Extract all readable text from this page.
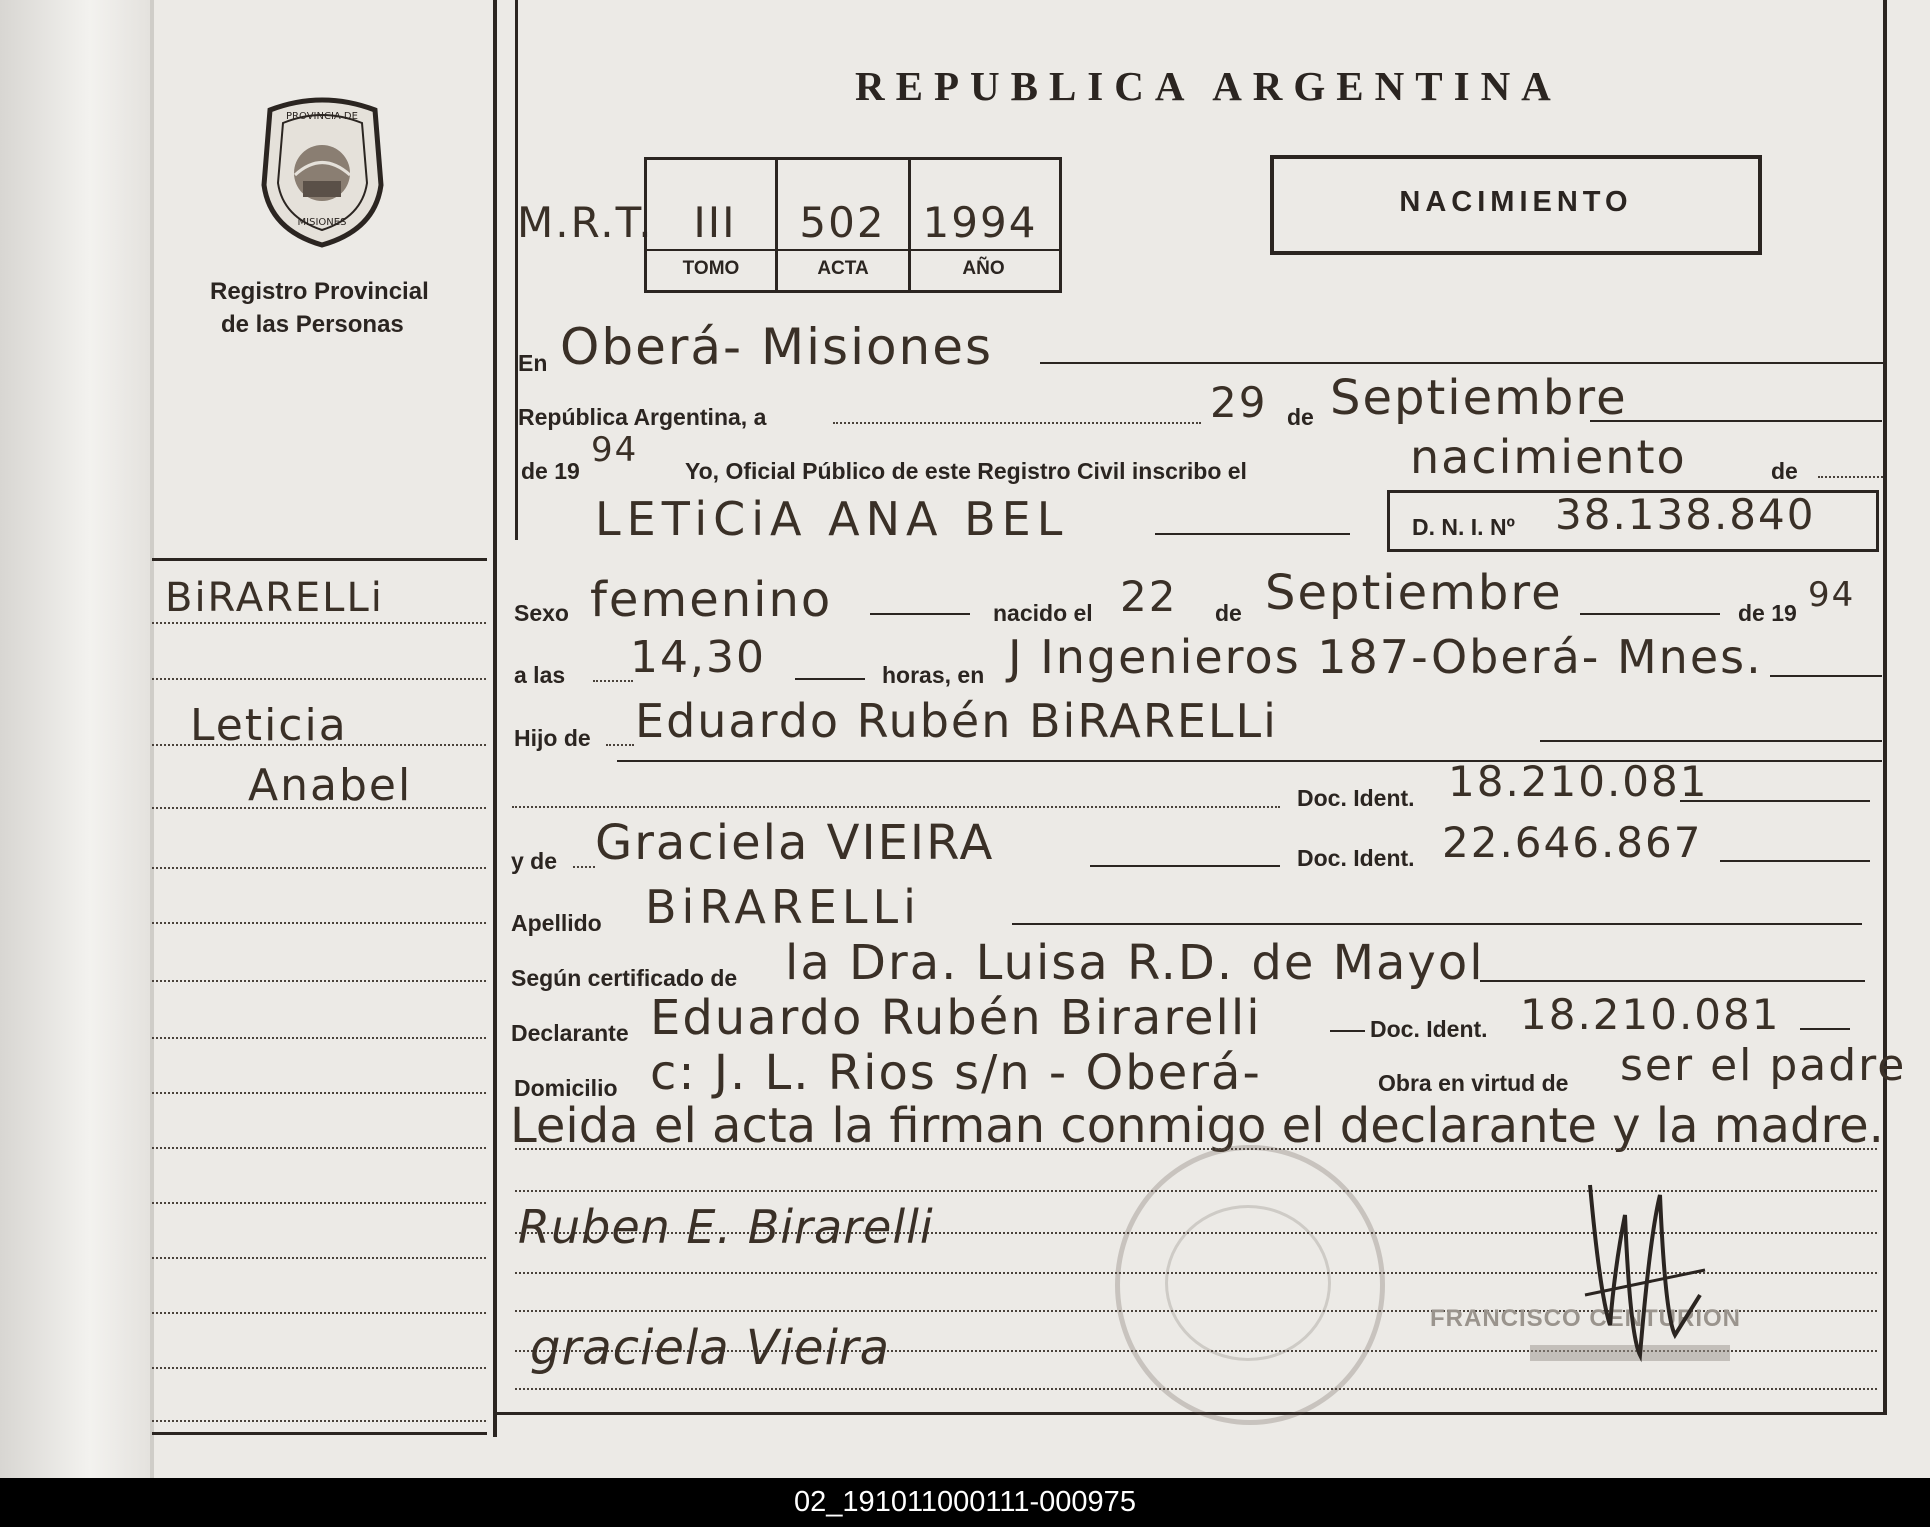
PROVINCIA DE
MISIONES
Registro Provincial
de las Personas
REPUBLICA ARGENTINA
M.R.T. III	502 1994
TOMO	ACTA	AÑO
NACIMIENTO
BiRARELLi
Leticia
Anabel
En Oberá- Misiones
República Argentina, a	29 de Septiembre
de 19
94
Yo, Oficial Público de este Registro Civil inscribo el	nacimiento	de
LETiCiA ANA BEL	D. N. I. Nº 38.138.840
Sexo femenino	nacido el 22 de Septiembre	de 19 94
a las 14,30	horas, en J Ingenieros 187-Oberá- Mnes.
Hijo de Eduardo Rubén BiRARELLi
Doc. Ident. 18.210.081
y de Graciela VIEIRA	Doc. Ident. 22.646.867
Apellido BiRARELLi
Según certificado de la Dra. Luisa R.D. de Mayol
Declarante Eduardo Rubén Birarelli	Doc. Ident. 18.210.081
Domicilio c: J. L. Rios s/n - Oberá-	Obra en virtud de ser el padre
Leida el acta la firman conmigo el declarante y la madre.
Ruben E. Birarelli
graciela Vieira
FRANCISCO CENTURION
02_191011000111-000975
